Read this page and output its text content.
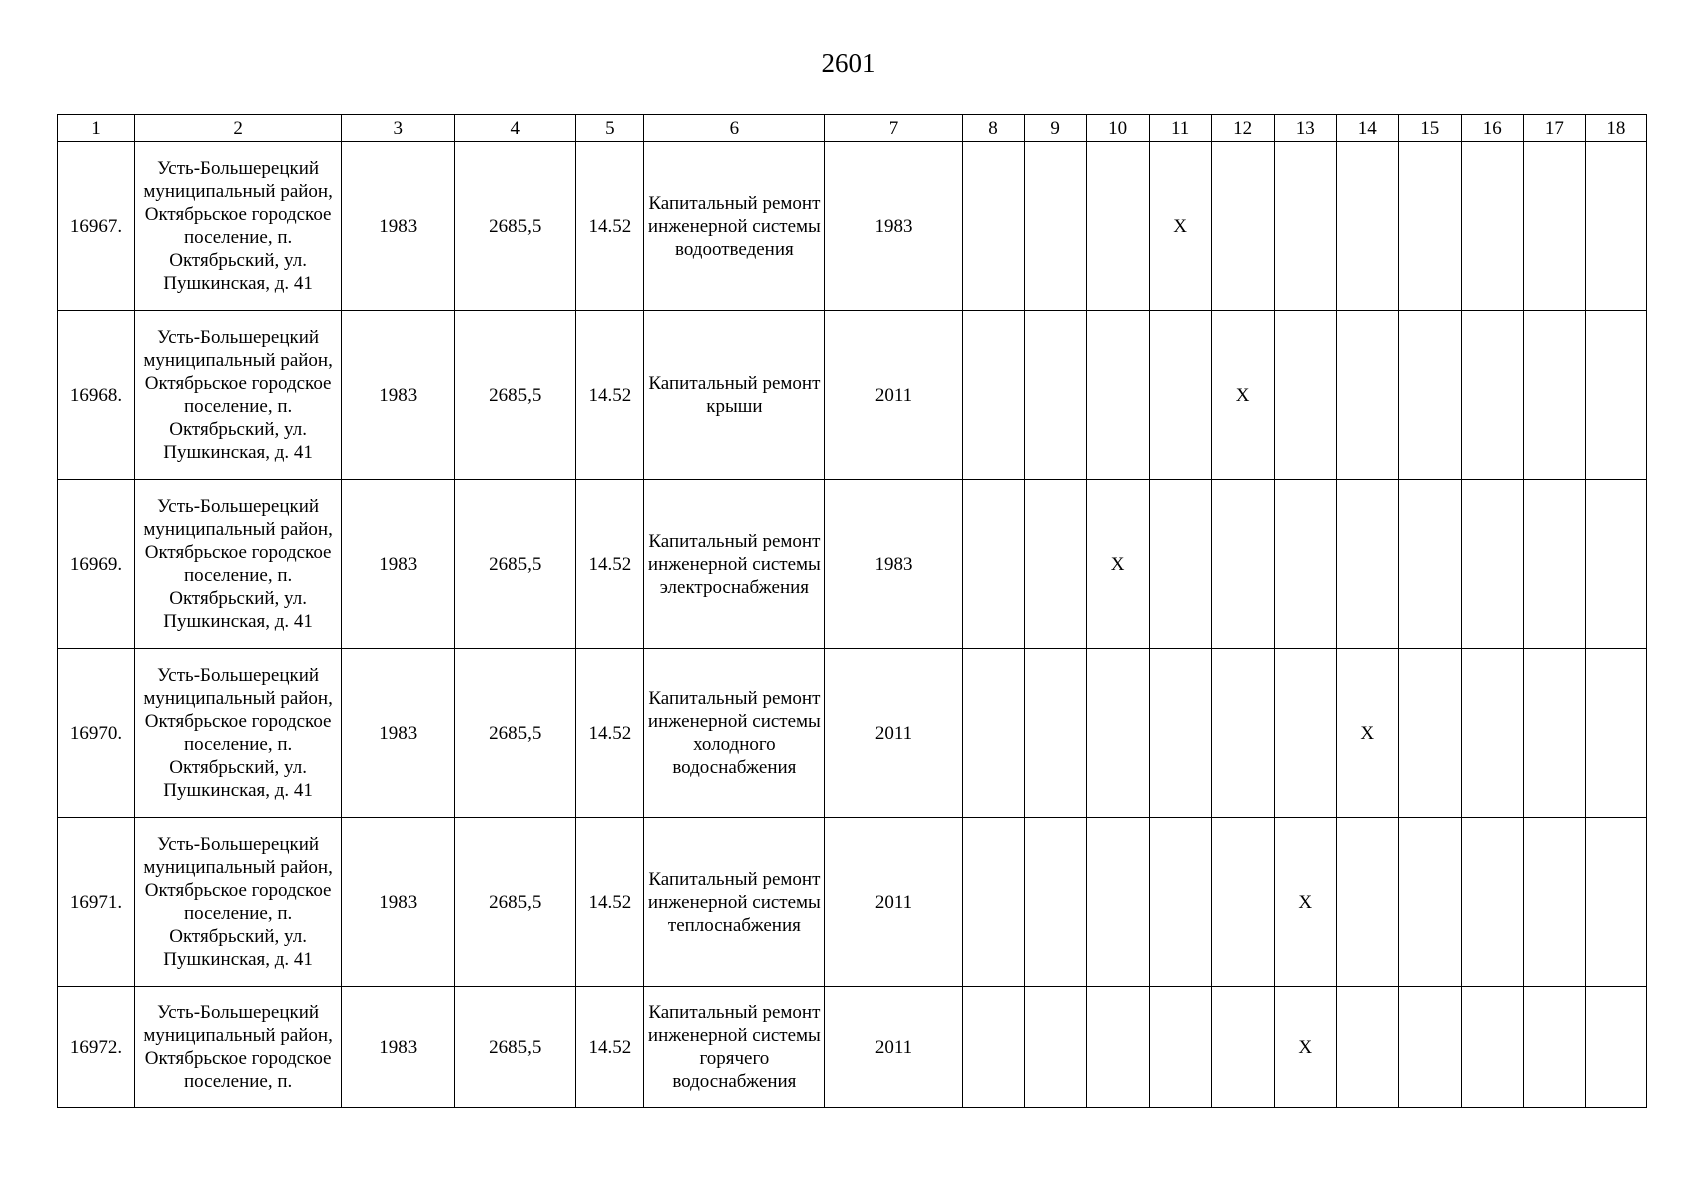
2601
1	2	3	4	5	6	7	8	9	10	11	12	13	14	15	16	17	18
16967.	Усть-Большерецкий муниципальный район, Октябрьское городское поселение, п. Октябрьский, ул. Пушкинская, д. 41	1983	2685,5	14.52	Капитальный ремонт инженерной системы водоотведения	1983				X							
16968.	Усть-Большерецкий муниципальный район, Октябрьское городское поселение, п. Октябрьский, ул. Пушкинская, д. 41	1983	2685,5	14.52	Капитальный ремонт крыши	2011					X						
16969.	Усть-Большерецкий муниципальный район, Октябрьское городское поселение, п. Октябрьский, ул. Пушкинская, д. 41	1983	2685,5	14.52	Капитальный ремонт инженерной системы электроснабжения	1983			X								
16970.	Усть-Большерецкий муниципальный район, Октябрьское городское поселение, п. Октябрьский, ул. Пушкинская, д. 41	1983	2685,5	14.52	Капитальный ремонт инженерной системы холодного водоснабжения	2011							X				
16971.	Усть-Большерецкий муниципальный район, Октябрьское городское поселение, п. Октябрьский, ул. Пушкинская, д. 41	1983	2685,5	14.52	Капитальный ремонт инженерной системы теплоснабжения	2011						X					
16972.	Усть-Большерецкий муниципальный район, Октябрьское городское поселение, п.	1983	2685,5	14.52	Капитальный ремонт инженерной системы горячего водоснабжения	2011						X					
